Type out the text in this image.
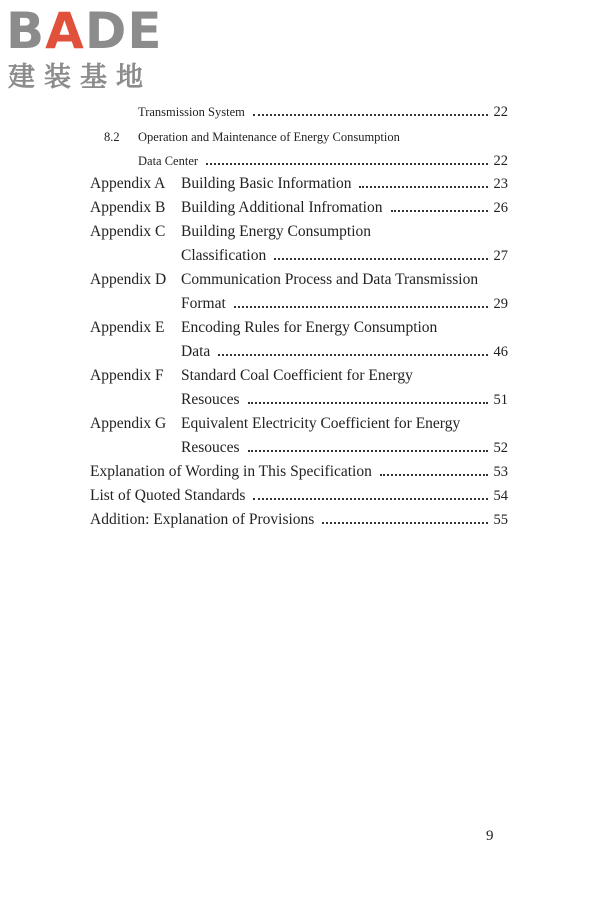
BADE
建装基地
Transmission System	22
8.2	Operation and Maintenance of Energy Consumption
Data Center	22
Appendix A	Building Basic Information	23
Appendix B	Building Additional Infromation	26
Appendix C	Building Energy Consumption
Classification	27
Appendix D Communication Process and Data Transmission
Format	29
Appendix E	Encoding Rules for Energy Consumption
Data	46
Appendix F	Standard Coal Coefficient for Energy
Resouces	51
Appendix G Equivalent Electricity Coefficient for Energy
Resouces	52
Explanation of Wording in This Specification	53
List of Quoted Standards	54
Addition: Explanation of Provisions	55
9
